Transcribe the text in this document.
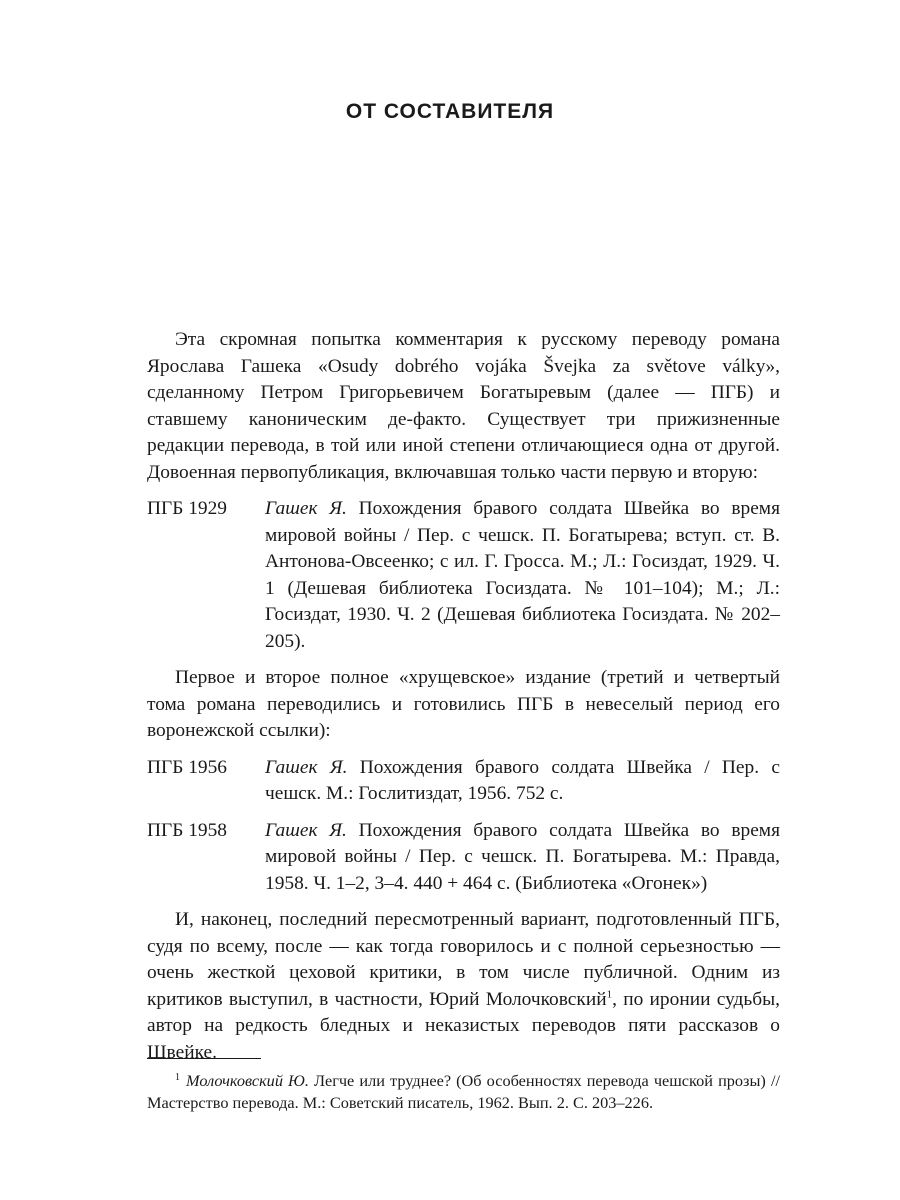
ОТ СОСТАВИТЕЛЯ

Эта скромная попытка комментария к русскому переводу романа Ярослава Гашека «Osudy dobrého vojáka Švejka za světove války», сделанному Петром Григорьевичем Богатыревым (далее — ПГБ) и ставшему каноническим де-факто. Существует три прижизненные редакции перевода, в той или иной степени отличающиеся одна от другой. Довоенная первопубликация, включавшая только части первую и вторую:

ПГБ 1929	Гашек Я. Похождения бравого солдата Швейка во время мировой войны / Пер. с чешск. П. Богатырева; вступ. ст. В. Антонова-Овсеенко; с ил. Г. Гросса. М.; Л.: Госиздат, 1929. Ч. 1 (Дешевая библиотека Госиздата. № 101–104); М.; Л.: Госиздат, 1930. Ч. 2 (Дешевая библиотека Госиздата. № 202–205).

Первое и второе полное «хрущевское» издание (третий и четвертый тома романа переводились и готовились ПГБ в невеселый период его воронежской ссылки):

ПГБ 1956	Гашек Я. Похождения бравого солдата Швейка / Пер. с чешск. М.: Гослитиздат, 1956. 752 с.
ПГБ 1958	Гашек Я. Похождения бравого солдата Швейка во время мировой войны / Пер. с чешск. П. Богатырева. М.: Правда, 1958. Ч. 1–2, 3–4. 440 + 464 с. (Библиотека «Огонек»)

И, наконец, последний пересмотренный вариант, подготовленный ПГБ, судя по всему, после — как тогда говорилось и с полной серьезностью — очень жесткой цеховой критики, в том числе публичной. Одним из критиков выступил, в частности, Юрий Молочковский$^1$, по иронии судьбы, автор на редкость бледных и неказистых переводов пяти рассказов о Швейке.

$^1$ Молочковский Ю. Легче или труднее? (Об особенностях перевода чешской прозы) // Мастерство перевода. М.: Советский писатель, 1962. Вып. 2. С. 203–226.
